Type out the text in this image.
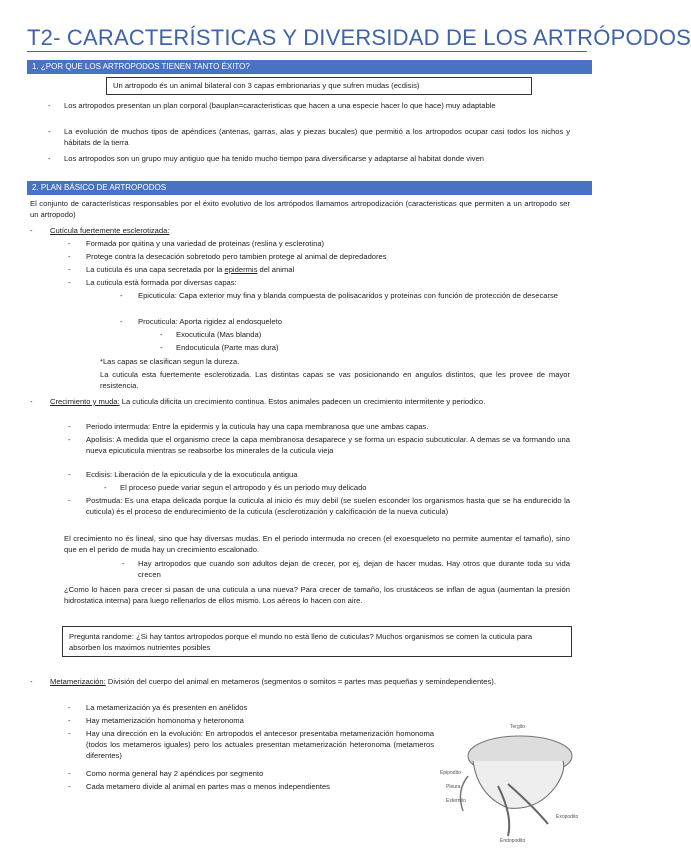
T2- CARACTERÍSTICAS Y DIVERSIDAD DE LOS ARTRÓPODOS
1. ¿POR QUE LOS ARTROPODOS TIENEN TANTO ÉXITO?
Un artropodo és un animal bilateral con 3 capas embrionarias y que sufren mudas (ecdisis)
- Los artropodos presentan un plan corporal (bauplan=caracteristicas que hacen a una especie hacer lo que hace) muy adaptable
- La evolución de muchos tipos de apéndices (antenas, garras, alas y piezas bucales) que permitió a los artropodos ocupar casi todos los nichos y hábitats de la tierra
- Los artropodos son un grupo muy antiguo que ha tenido mucho tiempo para diversificarse y adaptarse al habitat donde viven
2. PLAN BÁSICO DE ARTROPODOS
El conjunto de características responsables por el éxito evolutivo de los artrópodos llamamos artropodización (caracteristicas que permiten a un artropodo ser un artropodo)
- Cutícula fuertemente esclerotizada:
- Formada por quitina y una variedad de proteinas (reslina y esclerotina)
- Protege contra la desecación sobretodo pero tambien protege al animal de depredadores
- La cuticula és una capa secretada por la epidermis del animal
- La cuticula està formada por diversas capas:
- Epicuticula: Capa exterior muy fina y blanda compuesta de polisacaridos y proteinas con función de protección de desecarse
- Procuticula: Aporta rigidez al endosqueleto
- Exocuticula (Mas blanda)
- Endocuticula (Parte mas dura)
*Las capas se clasifican segun la dureza.
La cuticula esta fuertemente esclerotizada. Las distintas capas se vas posicionando en angulos distintos, que les provee de mayor resistencia.
- Crecimiento y muda: La cuticula dificita un crecimiento continua. Estos animales padecen un crecimiento intermitente y periodico.
- Periodo intermuda: Entre la epidermis y la cuticula hay una capa membranosa que une ambas capas.
- Apolisis: A medida que el organismo crece la capa membranosa desaparece y se forma un espacio subcuticular. A demas se va formando una nueva epicuticula mientras se reabsorbe los minerales de la cuticula vieja
- Ecdisis: Liberación de la epicuticula y de la exocuticula antigua
- El proceso puede variar segun el artropodo y és un periodo muy delicado
- Postmuda: Es una etapa delicada porque la cuticula al inicio és muy debil (se suelen esconder los organismos hasta que se ha endurecido la cuticula) és el proceso de endurecimiento de la cuticula (esclerotización y calcificación de la nueva cuticula)
El crecimiento no és lineal, sino que hay diversas mudas. En el periodo intermuda no crecen (el exoesqueleto no permite aumentar el tamaño), sino que en el perido de muda hay un crecimiento escalonado.
- Hay artropodos que cuando son adultos dejan de crecer, por ej, dejan de hacer mudas. Hay otros que durante toda su vida crecen
¿Como lo hacen para crecer si pasan de una cuticula a una nueva? Para crecer de tamaño, los crustáceos se inflan de agua (aumentan la presión hidrostatica interna) para luego rellenarlos de ellos mismo. Los aéreos lo hacen con aire.
Pregunta randome: ¿Si hay tantos artropodos porque el mundo no està lleno de cuticulas? Muchos organismos se comen la cuticula para absorben los maximos nutrientes posibles
- Metamerización: División del cuerpo del animal en metameros (segmentos o somitos = partes mas pequeñas y semindependientes).
- La metamerización ya és presenten en anélidos
- Hay metamerización homonoma y heteronoma
- Hay una dirección en la evolución: En artropodos el antecesor presentaba metamerización homonoma (todos los metameros iguales) pero los actuales presentan metamerización heteronoma (metameros diferentes)
- Como norma general hay 2 apéndices por segmento
- Cada metamero divide al animal en partes mas o menos independientes
Tergito
Epipodito
Pleura
Esternito
Exopodito
Endopodito
